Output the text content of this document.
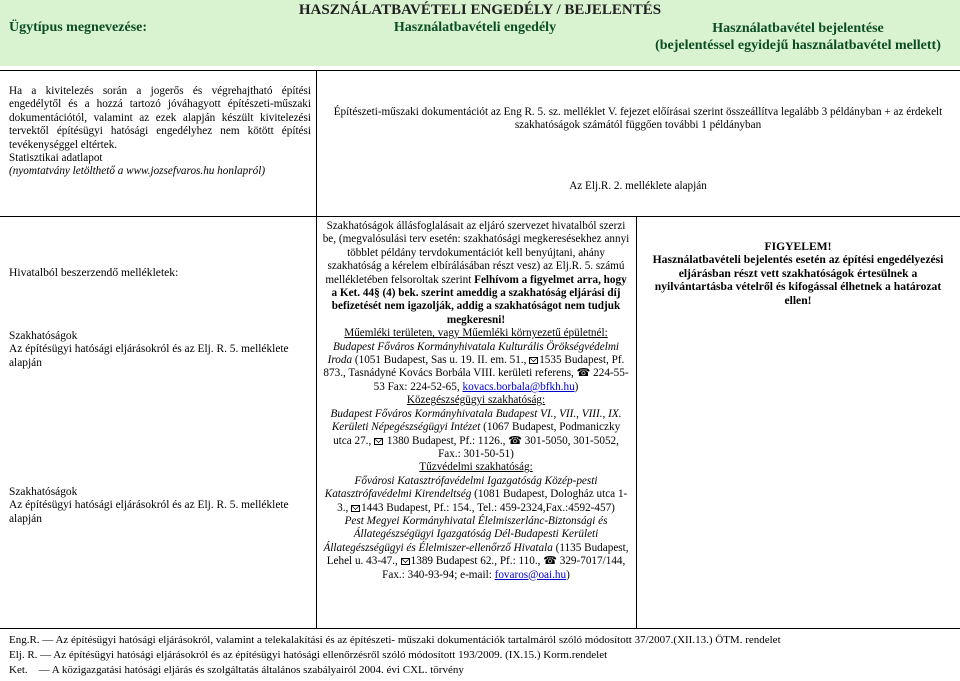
HASZNÁLATBAVÉTELI ENGEDÉLY / BEJELENTÉS
Ügytípus megnevezése:	Használatbavételi engedély	Használatbavétel bejelentése
(bejelentéssel egyidejű használatbavétel mellett)
Ha a kivitelezés során a jogerős és végrehajtható építési engedélytől és a hozzá tartozó jóváhagyott építészeti-műszaki dokumentációtól, valamint az ezek alapján készült kivitelezési tervektől építésügyi hatósági engedélyhez nem kötött építési tevékenységgel eltértek.
Statisztikai adatlapot
(nyomtatvány letölthető a www.jozsefvaros.hu honlapról)
Építészeti-műszaki dokumentációt az Eng R. 5. sz. melléklet V. fejezet előírásai szerint összeállítva legalább 3 példányban + az érdekelt szakhatóságok számától függően további 1 példányban
Az Elj.R. 2. melléklete alapján
Hivatalból beszerzendő mellékletek:
Szakhatóságok
Az építésügyi hatósági eljárásokról és az Elj. R. 5. melléklete alapján
Szakhatóságok
Az építésügyi hatósági eljárásokról és az Elj. R. 5. melléklete alapján
Szakhatóságok állásfoglalásait az eljáró szervezet hivatalból szerzi be, (megvalósulási terv esetén: szakhatósági megkeresésekhez annyi többlet példány tervdokumentációt kell benyújtani, ahány szakhatóság a kérelem elbírálásában részt vesz) az Elj.R. 5. számú mellékletében felsoroltak szerint Felhívom a figyelmet arra, hogy a Ket. 44§ (4) bek. szerint ameddig a szakhatóság eljárási díj befizetését nem igazolják, addig a szakhatóságot nem tudjuk megkeresni!
Műemléki területen, vagy Műemléki környezetű épületnél:
Budapest Főváros Kormányhivatala Kulturális Örökségvédelmi Iroda (1051 Budapest, Sas u. 19. II. em. 51., 1535 Budapest, Pf. 873., Tasnádyné Kovács Borbála VIII. kerületi referens, ☎ 224-55-53 Fax: 224-52-65, kovacs.borbala@bfkh.hu)
Közegészségügyi szakhatóság:
Budapest Főváros Kormányhivatala Budapest VI., VII., VIII., IX. Kerületi Népegészségügyi Intézet (1067 Budapest, Podmaniczky utca 27., 1380 Budapest, Pf.: 1126., ☎ 301-5050, 301-5052, Fax.: 301-50-51)
Tűzvédelmi szakhatóság:
Fővárosi Katasztrófavédelmi Igazgatóság Közép-pesti Katasztrófavédelmi Kirendeltség (1081 Budapest, Dologház utca 1-3., 1443 Budapest, Pf.: 154., Tel.: 459-2324,Fax.:4592-457)
Pest Megyei Kormányhivatal Élelmiszerlánc-Biztonsági és Állategészségügyi Igazgatóság Dél-Budapesti Kerületi Állategészségügyi és Élelmiszer-ellenőrző Hivatala (1135 Budapest, Lehel u. 43-47., 1389 Budapest 62., Pf.: 110., ☎ 329-7017/144, Fax.: 340-93-94; e-mail: fovaros@oai.hu)
FIGYELEM!
Használatbavételi bejelentés esetén az építési engedélyezési eljárásban részt vett szakhatóságok értesülnek a nyilvántartásba vételről és kifogással élhetnek a határozat ellen!
Eng.R. — Az építésügyi hatósági eljárásokról, valamint a telekalakítási és az építészeti- műszaki dokumentációk tartalmáról szóló módosított 37/2007.(XII.13.) ÖTM. rendelet
Elj. R. — Az építésügyi hatósági eljárásokról és az építésügyi hatósági ellenőrzésről szóló módosított 193/2009. (IX.15.) Korm.rendelet
Ket.    — A közigazgatási hatósági eljárás és szolgáltatás általános szabályairól 2004. évi CXL. törvény
